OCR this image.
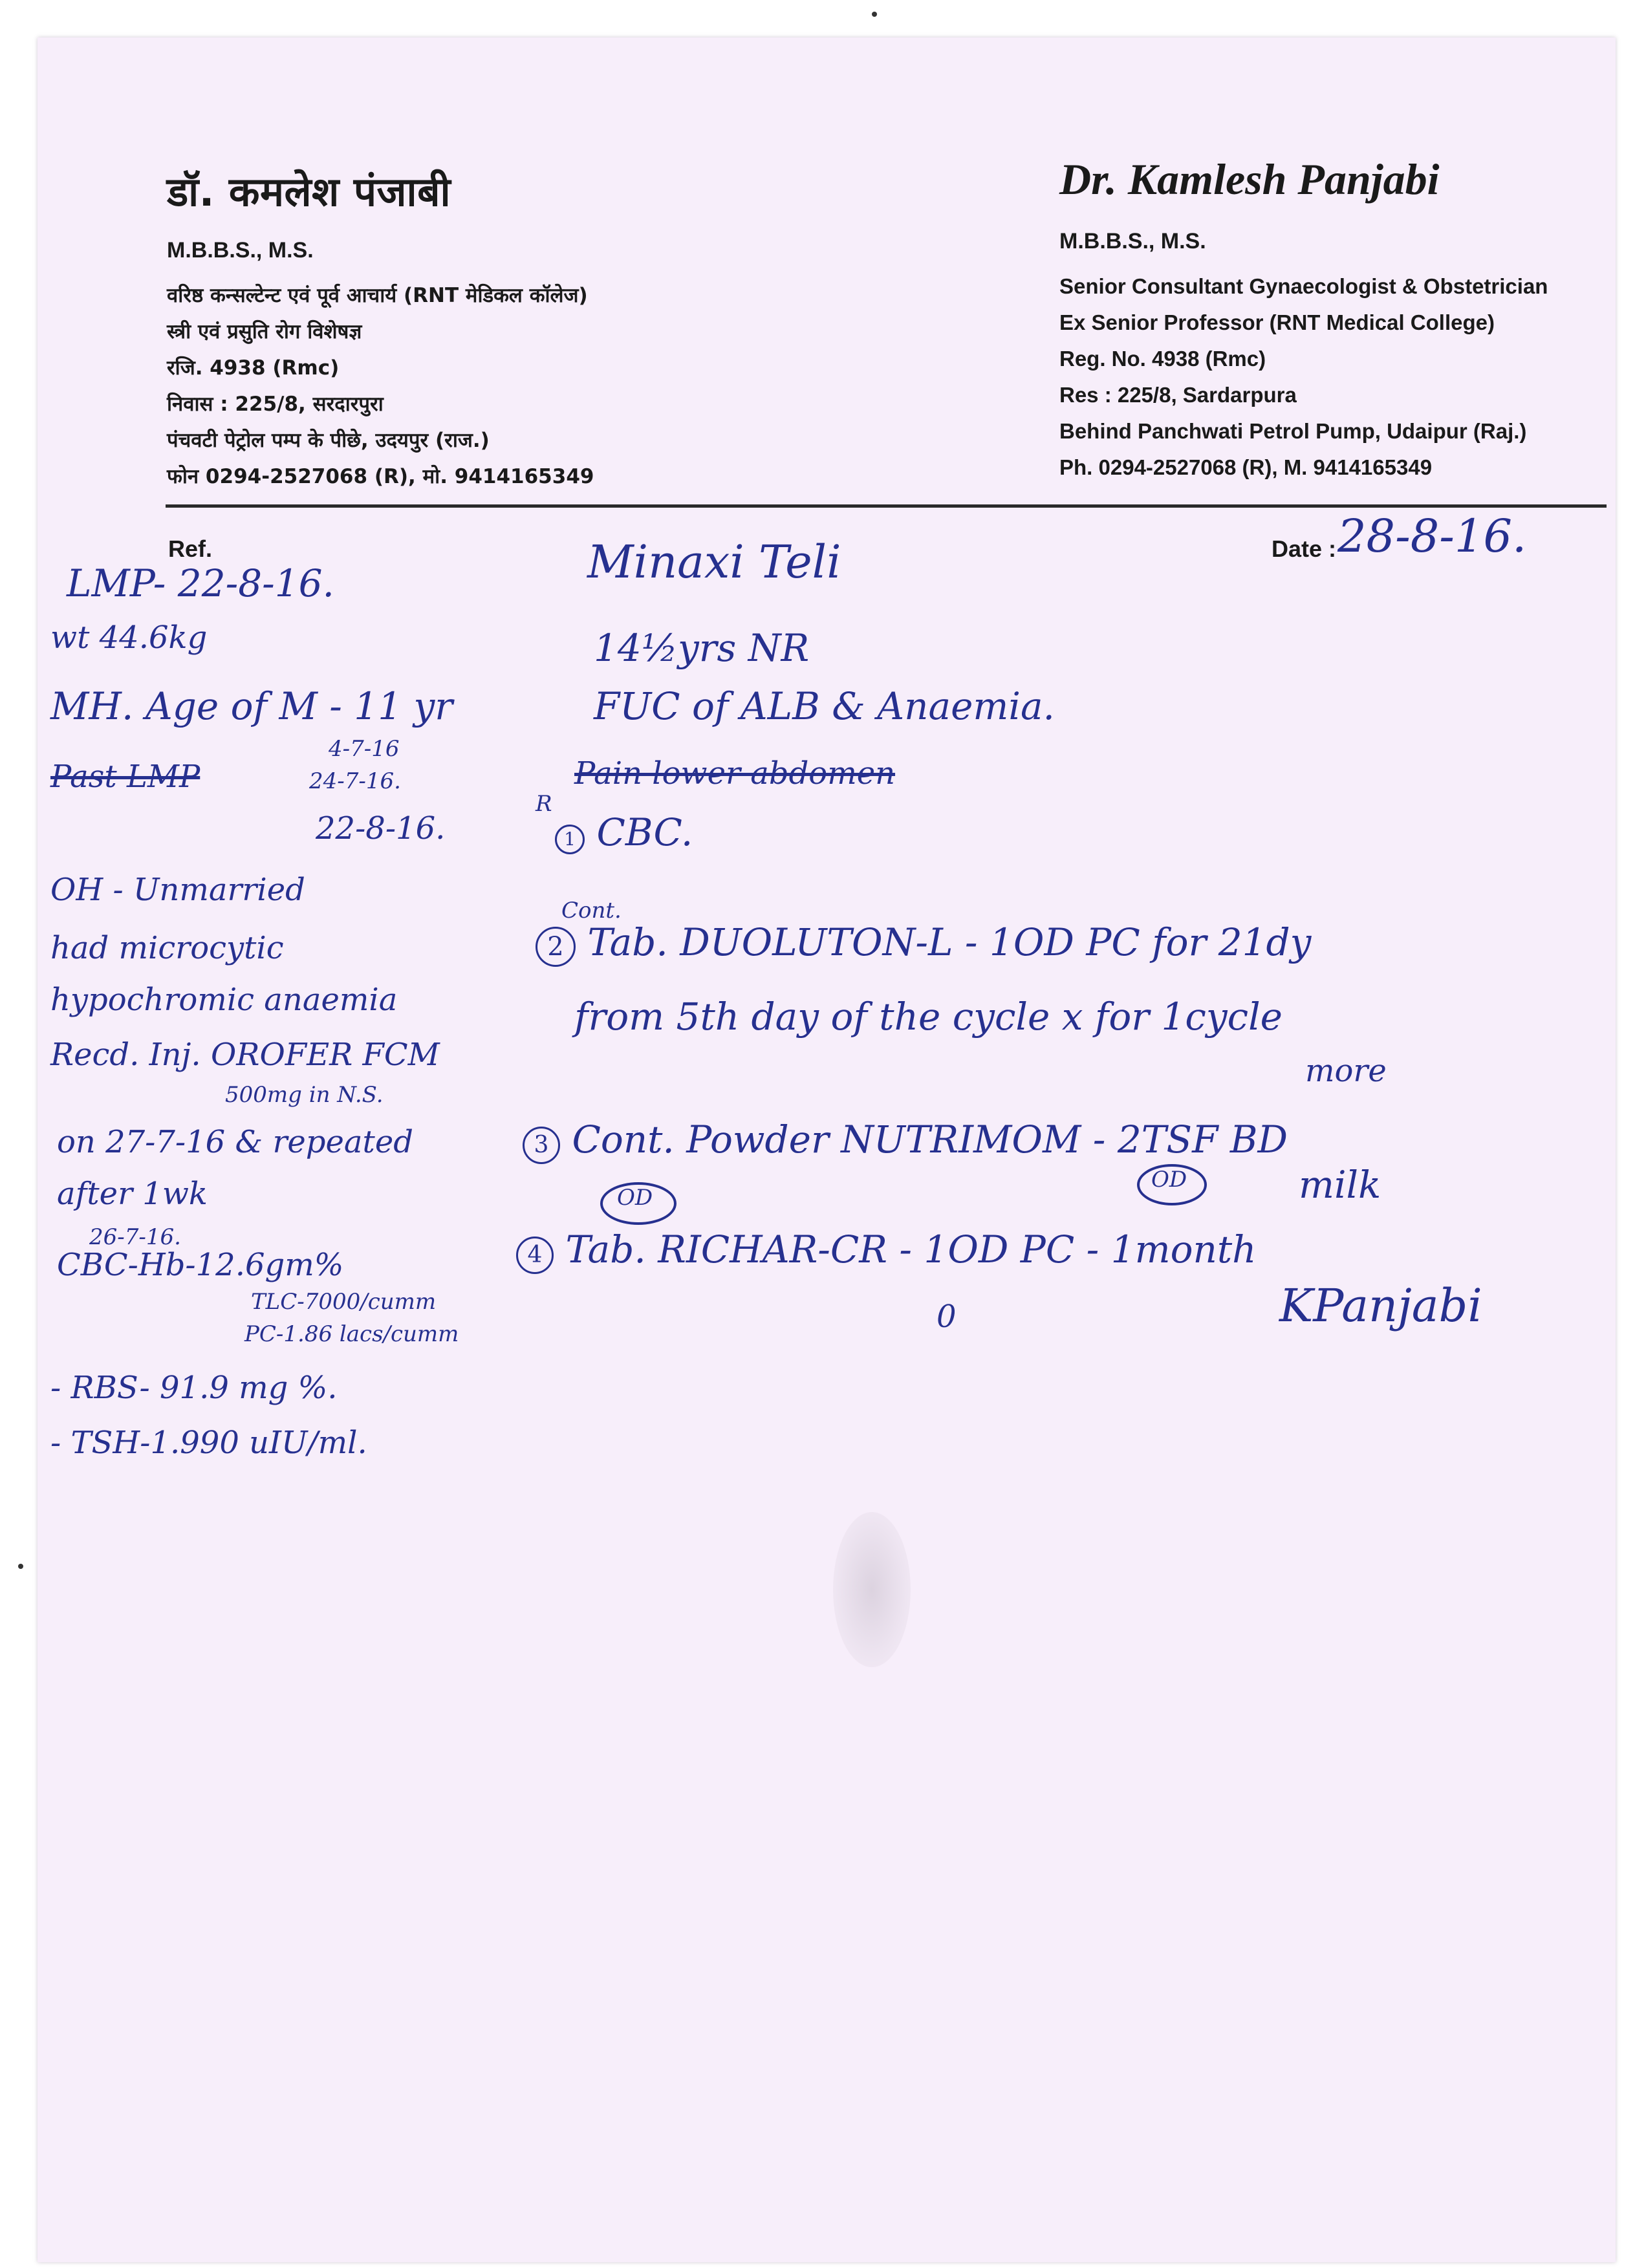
डॉ. कमलेश पंजाबी
M.B.B.S., M.S.
वरिष्ठ कन्सल्टेन्ट एवं पूर्व आचार्य (RNT मेडिकल कॉलेज)
स्त्री एवं प्रसुति रोग विशेषज्ञ
रजि. 4938 (Rmc)
निवास : 225/8, सरदारपुरा
पंचवटी पेट्रोल पम्प के पीछे, उदयपुर (राज.)
फोन 0294-2527068 (R), मो. 9414165349
Dr. Kamlesh Panjabi
M.B.B.S., M.S.
Senior Consultant Gynaecologist & Obstetrician
Ex Senior Professor (RNT Medical College)
Reg. No. 4938 (Rmc)
Res : 225/8, Sardarpura
Behind Panchwati Petrol Pump, Udaipur (Raj.)
Ph. 0294-2527068 (R), M. 9414165349
Ref.	Date : 28-8-16.
Minaxi Teli
14½yrs NR
FUC of ALB & Anaemia.
LMP- 22-8-16.
wt 44.6kg
MH. Age of M - 11 yr
Past LMP
4-7-16
24-7-16.
22-8-16.
OH - Unmarried
had microcytic
hypochromic anaemia
Recd. Inj. OROFER FCM
500mg in N.S.
on 27-7-16 & repeated
after 1wk
26-7-16.
CBC-Hb-12.6gm%
TLC-7000/cumm
PC-1.86 lacs/cumm
- RBS- 91.9 mg %.
- TSH-1.990 uIU/ml.
Pain lower abdomen
R
1 CBC.
Cont.
2 Tab. DUOLUTON-L - 1OD PC for 21dy
from 5th day of the cycle x for 1cycle
more
3 Cont. Powder NUTRIMOM - 2TSF BD
OD
OD	milk
4 Tab. RICHAR-CR - 1OD PC - 1month
0	KPanjabi
